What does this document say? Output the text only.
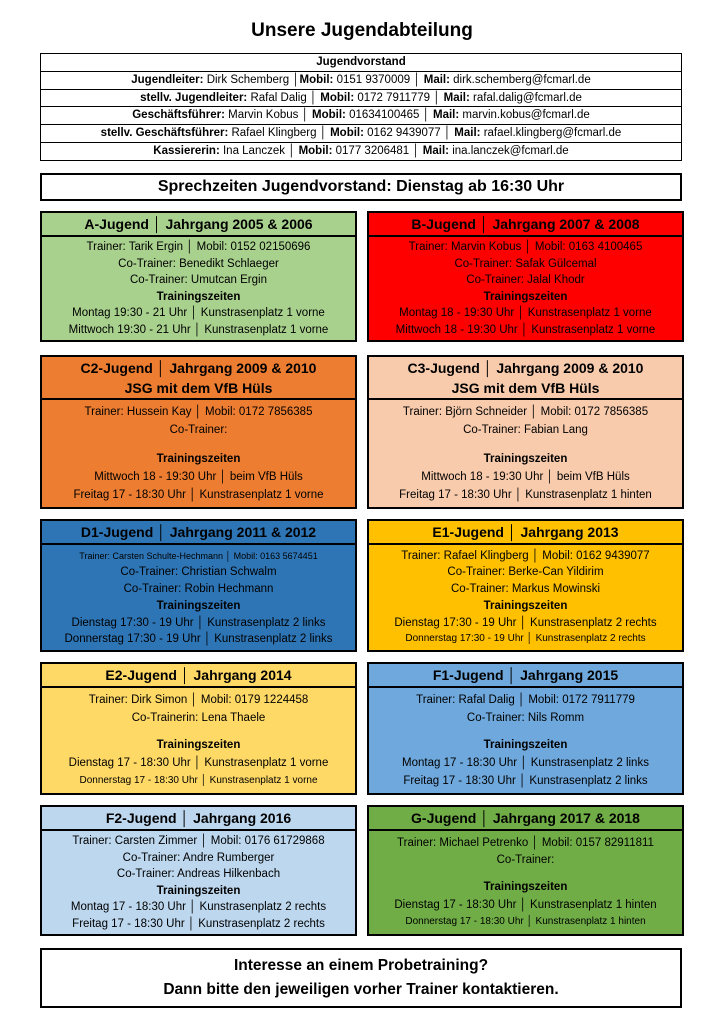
Unsere Jugendabteilung
Jugendvorstand
Jugendleiter: Dirk Schemberg │Mobil: 0151 9370009 │ Mail: dirk.schemberg@fcmarl.de
stellv. Jugendleiter: Rafal Dalig │ Mobil: 0172 7911779 │ Mail: rafal.dalig@fcmarl.de
Geschäftsführer: Marvin Kobus │ Mobil: 01634100465 │ Mail: marvin.kobus@fcmarl.de
stellv. Geschäftsführer: Rafael Klingberg │ Mobil: 0162 9439077 │ Mail: rafael.klingberg@fcmarl.de
Kassiererin: Ina Lanczek │ Mobil: 0177 3206481 │ Mail: ina.lanczek@fcmarl.de
Sprechzeiten Jugendvorstand: Dienstag ab 16:30 Uhr
A-Jugend │ Jahrgang 2005 & 2006
Trainer: Tarik Ergin │ Mobil: 0152 02150696
Co-Trainer: Benedikt Schlaeger
Co-Trainer: Umutcan Ergin
Trainingszeiten
Montag 19:30 - 21 Uhr │ Kunstrasenplatz 1 vorne
Mittwoch 19:30 - 21 Uhr │ Kunstrasenplatz 1 vorne
B-Jugend │ Jahrgang 2007 & 2008
Trainer: Marvin Kobus │ Mobil: 0163 4100465
Co-Trainer: Safak Gülcemal
Co-Trainer: Jalal Khodr
Trainingszeiten
Montag 18 - 19:30 Uhr │ Kunstrasenplatz 1 vorne
Mittwoch 18 - 19:30 Uhr │ Kunstrasenplatz 1 vorne
C2-Jugend │ Jahrgang 2009 & 2010
JSG mit dem VfB Hüls
Trainer: Hussein Kay │ Mobil: 0172 7856385
Co-Trainer:
Trainingszeiten
Mittwoch 18 - 19:30 Uhr │ beim VfB Hüls
Freitag 17 - 18:30 Uhr │ Kunstrasenplatz 1 vorne
C3-Jugend │ Jahrgang 2009 & 2010
JSG mit dem VfB Hüls
Trainer: Björn Schneider │ Mobil: 0172 7856385
Co-Trainer: Fabian Lang
Trainingszeiten
Mittwoch 18 - 19:30 Uhr │ beim VfB Hüls
Freitag 17 - 18:30 Uhr │ Kunstrasenplatz 1 hinten
D1-Jugend │ Jahrgang 2011 & 2012
Trainer: Carsten Schulte-Hechmann │ Mobil: 0163 5674451
Co-Trainer: Christian Schwalm
Co-Trainer: Robin Hechmann
Trainingszeiten
Dienstag 17:30 - 19 Uhr │ Kunstrasenplatz 2 links
Donnerstag 17:30 - 19 Uhr │ Kunstrasenplatz 2 links
E1-Jugend │ Jahrgang 2013
Trainer: Rafael Klingberg │ Mobil: 0162 9439077
Co-Trainer: Berke-Can Yildirim
Co-Trainer: Markus Mowinski
Trainingszeiten
Dienstag 17:30 - 19 Uhr │ Kunstrasenplatz 2 rechts
Donnerstag 17:30 - 19 Uhr │ Kunstrasenplatz 2 rechts
E2-Jugend │ Jahrgang 2014
Trainer: Dirk Simon │ Mobil: 0179 1224458
Co-Trainerin: Lena Thaele
Trainingszeiten
Dienstag 17 - 18:30 Uhr │ Kunstrasenplatz 1 vorne
Donnerstag 17 - 18:30 Uhr │ Kunstrasenplatz 1 vorne
F1-Jugend │ Jahrgang 2015
Trainer: Rafal Dalig │ Mobil: 0172 7911779
Co-Trainer: Nils Romm
Trainingszeiten
Montag 17 - 18:30 Uhr │ Kunstrasenplatz 2 links
Freitag 17 - 18:30 Uhr │ Kunstrasenplatz 2 links
F2-Jugend │ Jahrgang 2016
Trainer: Carsten Zimmer │ Mobil: 0176 61729868
Co-Trainer: Andre Rumberger
Co-Trainer: Andreas Hilkenbach
Trainingszeiten
Montag 17 - 18:30 Uhr │ Kunstrasenplatz 2 rechts
Freitag 17 - 18:30 Uhr │ Kunstrasenplatz 2 rechts
G-Jugend │ Jahrgang 2017 & 2018
Trainer: Michael Petrenko │ Mobil: 0157 82911811
Co-Trainer:
Trainingszeiten
Dienstag 17 - 18:30 Uhr │ Kunstrasenplatz 1 hinten
Donnerstag 17 - 18:30 Uhr │ Kunstrasenplatz 1 hinten
Interesse an einem Probetraining?
Dann bitte den jeweiligen vorher Trainer kontaktieren.
